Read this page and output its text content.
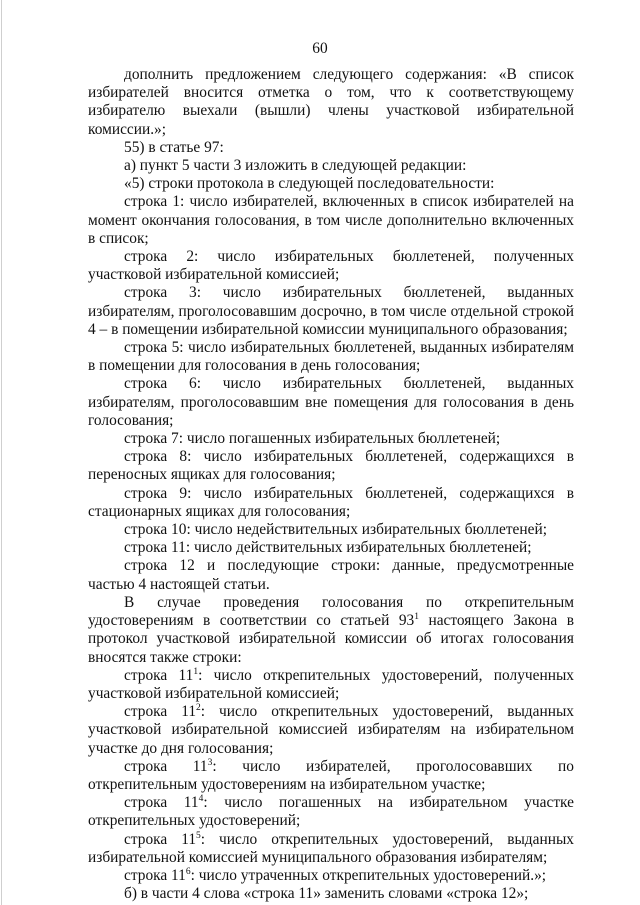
60

дополнить предложением следующего содержания: «В список избирателей вносится отметка о том, что к соответствующему избирателю выехали (вышли) члены участковой избирательной комиссии.»;

55) в статье 97:

а) пункт 5 части 3 изложить в следующей редакции:

«5) строки протокола в следующей последовательности:

строка 1: число избирателей, включенных в список избирателей на момент окончания голосования, в том числе дополнительно включенных в список;

строка 2: число избирательных бюллетеней, полученных участковой избирательной комиссией;

строка 3: число избирательных бюллетеней, выданных избирателям, проголосовавшим досрочно, в том числе отдельной строкой 4 – в помещении избирательной комиссии муниципального образования;

строка 5: число избирательных бюллетеней, выданных избирателям в помещении для голосования в день голосования;

строка 6: число избирательных бюллетеней, выданных избирателям, проголосовавшим вне помещения для голосования в день голосования;

строка 7: число погашенных избирательных бюллетеней;

строка 8: число избирательных бюллетеней, содержащихся в переносных ящиках для голосования;

строка 9: число избирательных бюллетеней, содержащихся в стационарных ящиках для голосования;

строка 10: число недействительных избирательных бюллетеней;

строка 11: число действительных избирательных бюллетеней;

строка 12 и последующие строки: данные, предусмотренные частью 4 настоящей статьи.

В случае проведения голосования по открепительным удостоверениям в соответствии со статьей $93^1$ настоящего Закона в протокол участковой избирательной комиссии об итогах голосования вносятся также строки:

строка $11^1$: число открепительных удостоверений, полученных участковой избирательной комиссией;

строка $11^2$: число открепительных удостоверений, выданных участковой избирательной комиссией избирателям на избирательном участке до дня голосования;

строка $11^3$: число избирателей, проголосовавших по открепительным удостоверениям на избирательном участке;

строка $11^4$: число погашенных на избирательном участке открепительных удостоверений;

строка $11^5$: число открепительных удостоверений, выданных избирательной комиссией муниципального образования избирателям;

строка $11^6$: число утраченных открепительных удостоверений.»;

б) в части 4 слова «строка 11» заменить словами «строка 12»;
